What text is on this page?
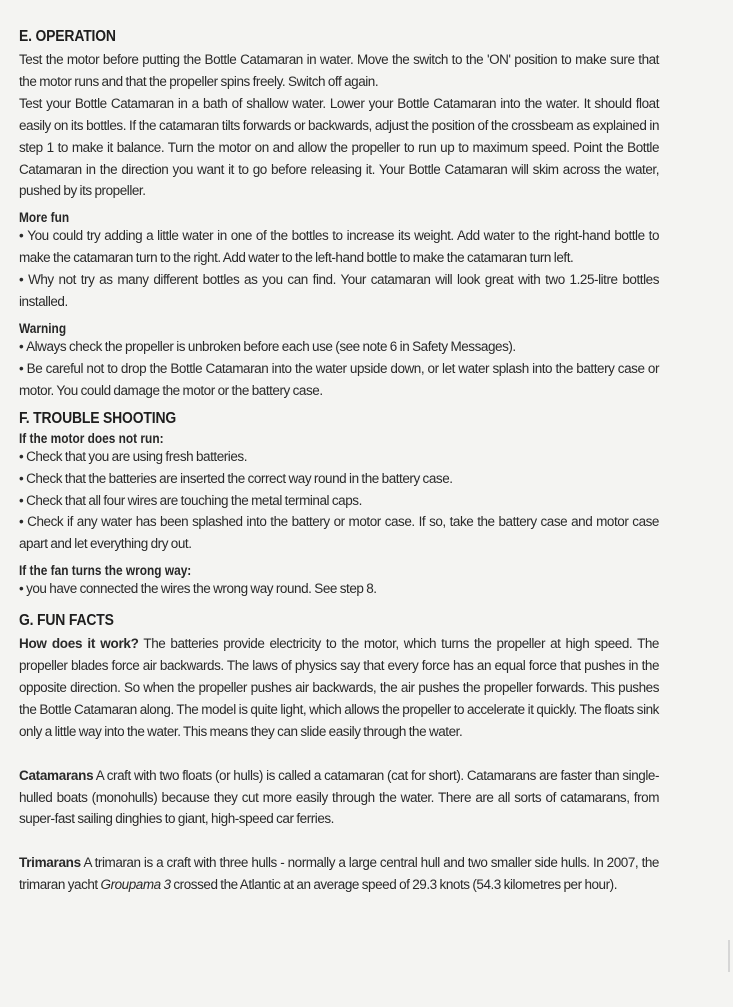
E. OPERATION

Test the motor before putting the Bottle Catamaran in water. Move the switch to the 'ON' position to make sure that the motor runs and that the propeller spins freely. Switch off again.

Test your Bottle Catamaran in a bath of shallow water. Lower your Bottle Catamaran into the water. It should float easily on its bottles. If the catamaran tilts forwards or backwards, adjust the position of the crossbeam as explained in step 1 to make it balance. Turn the motor on and allow the propeller to run up to maximum speed. Point the Bottle Catamaran in the direction you want it to go before releasing it. Your Bottle Catamaran will skim across the water, pushed by its propeller.

More fun

• You could try adding a little water in one of the bottles to increase its weight. Add water to the right-hand bottle to make the catamaran turn to the right. Add water to the left-hand bottle to make the catamaran turn left.

• Why not try as many different bottles as you can find. Your catamaran will look great with two 1.25-litre bottles installed.

Warning

• Always check the propeller is unbroken before each use (see note 6 in Safety Messages).

• Be careful not to drop the Bottle Catamaran into the water upside down, or let water splash into the battery case or motor. You could damage the motor or the battery case.

F. TROUBLE SHOOTING
If the motor does not run:

• Check that you are using fresh batteries.

• Check that the batteries are inserted the correct way round in the battery case.

• Check that all four wires are touching the metal terminal caps.

• Check if any water has been splashed into the battery or motor case. If so, take the battery case and motor case apart and let everything dry out.

If the fan turns the wrong way:

• you have connected the wires the wrong way round. See step 8.

G. FUN FACTS

How does it work? The batteries provide electricity to the motor, which turns the propeller at high speed. The propeller blades force air backwards. The laws of physics say that every force has an equal force that pushes in the opposite direction. So when the propeller pushes air backwards, the air pushes the propeller forwards. This pushes the Bottle Catamaran along. The model is quite light, which allows the propeller to accelerate it quickly. The floats sink only a little way into the water. This means they can slide easily through the water.

Catamarans A craft with two floats (or hulls) is called a catamaran (cat for short). Catamarans are faster than single-hulled boats (monohulls) because they cut more easily through the water. There are all sorts of catamarans, from super-fast sailing dinghies to giant, high-speed car ferries.

Trimarans A trimaran is a craft with three hulls - normally a large central hull and two smaller side hulls. In 2007, the trimaran yacht Groupama 3 crossed the Atlantic at an average speed of 29.3 knots (54.3 kilometres per hour).
